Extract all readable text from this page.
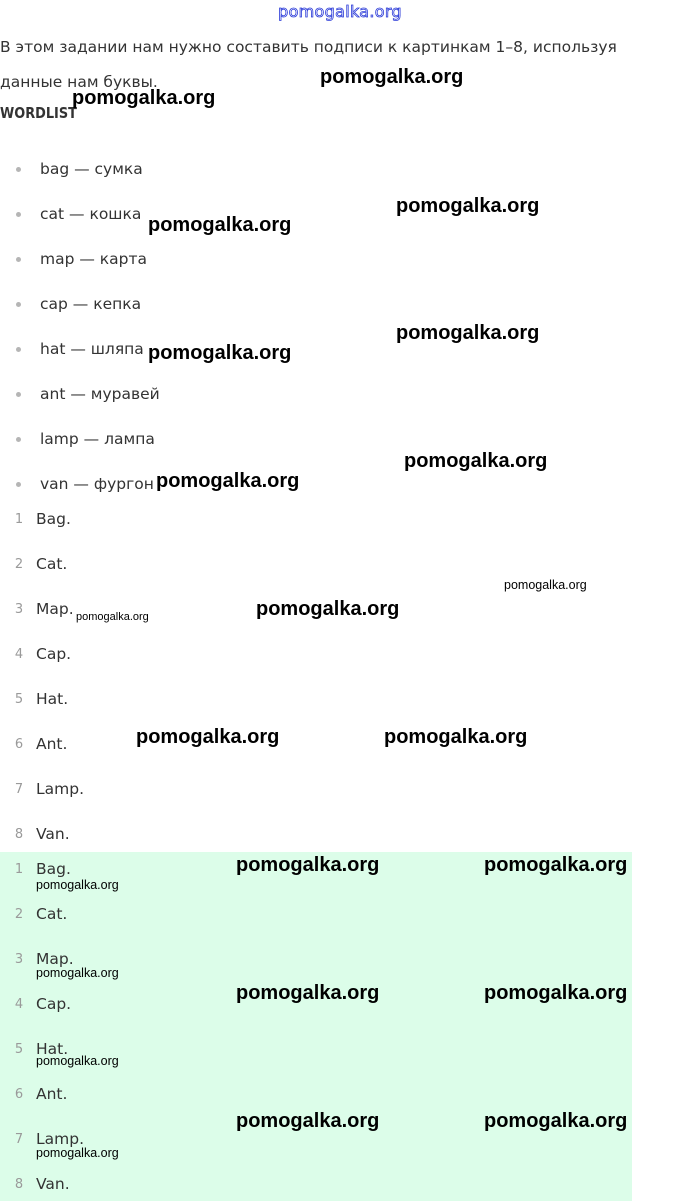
pomogalka.org

В этом задании нам нужно составить подписи к картинкам 1–8, используя данные нам буквы.

WORDLIST
bag — сумка
cat — кошка
map — карта
cap — кепка
hat — шляпа
ant — муравей
lamp — лампа
van — фургон
1 Bag.
2 Cat.
3 Map.
4 Cap.
5 Hat.
6 Ant.
7 Lamp.
8 Van.
1 Bag.
2 Cat.
3 Map.
4 Cap.
5 Hat.
6 Ant.
7 Lamp.
8 Van.
pomogalka.org
pomogalka.org
pomogalka.org
pomogalka.org
pomogalka.org
pomogalka.org
pomogalka.org
pomogalka.org
pomogalka.org
pomogalka.org
pomogalka.org
pomogalka.org	pomogalka.org
pomogalka.org	pomogalka.org
pomogalka.org
pomogalka.org
pomogalka.org	pomogalka.org
pomogalka.org
pomogalka.org	pomogalka.org
pomogalka.org
